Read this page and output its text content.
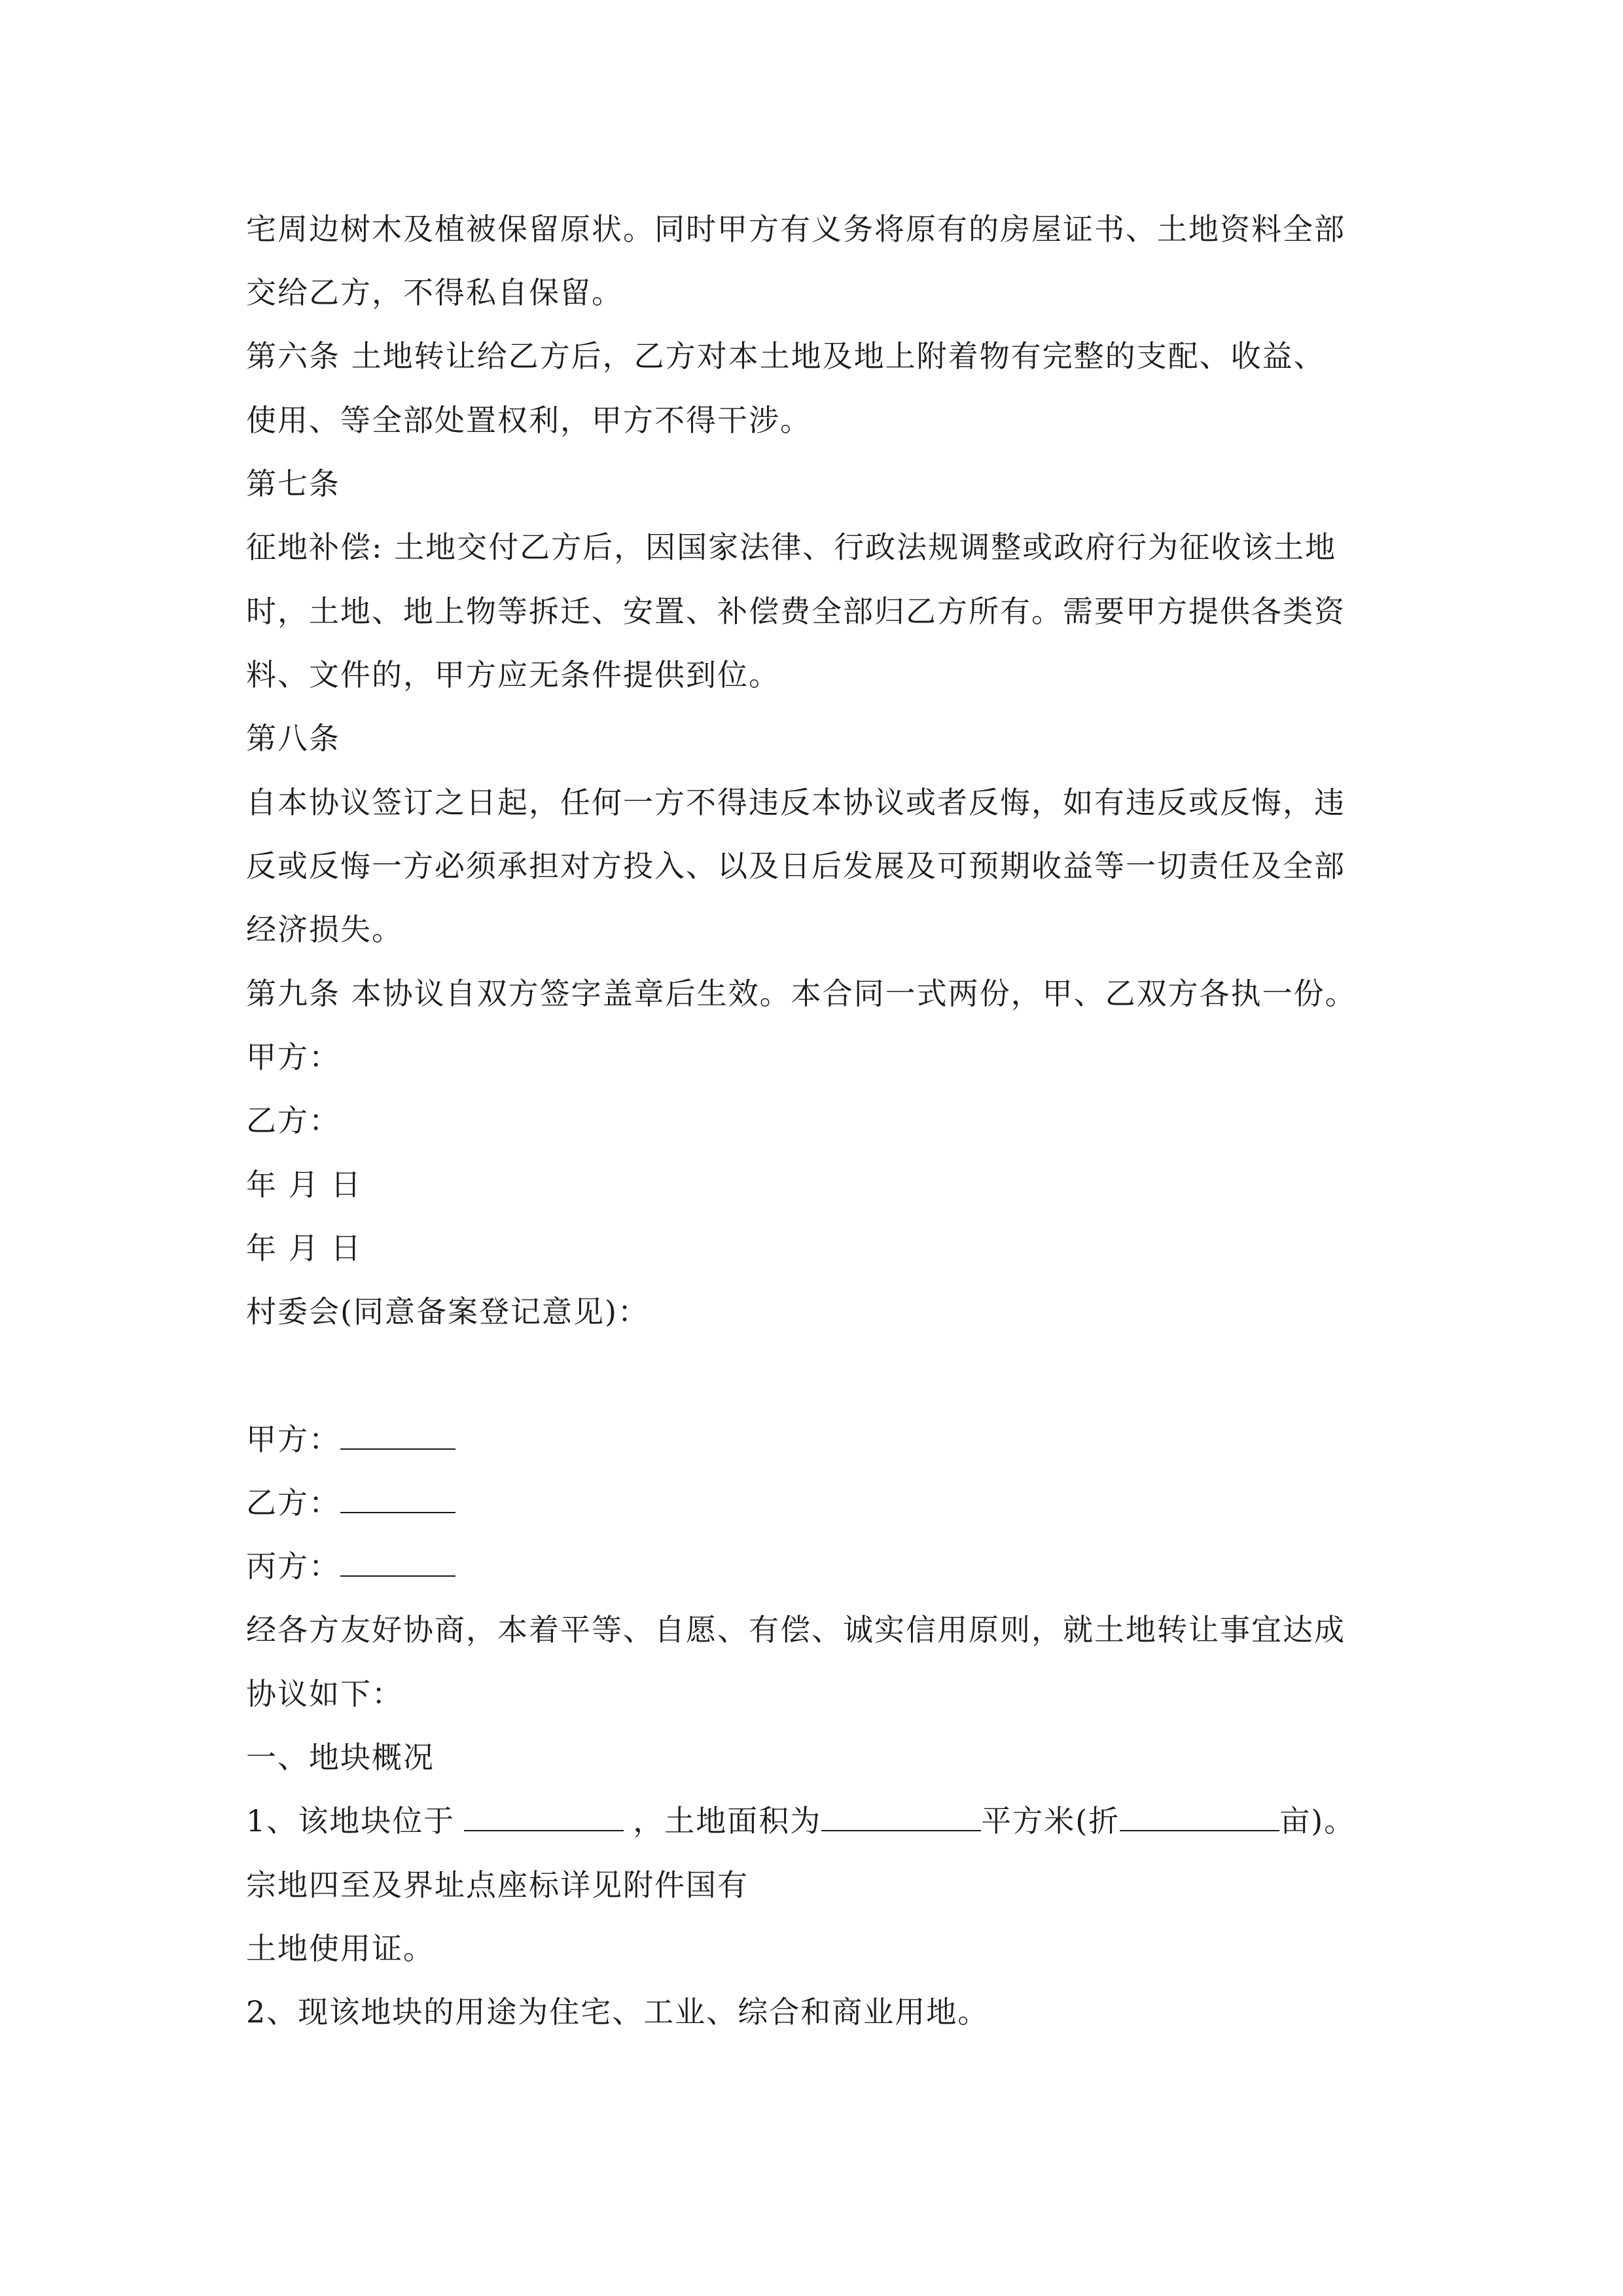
宅周边树木及植被保留原状。同时甲方有义务将原有的房屋证书、土地资料全部
交给乙方，不得私自保留。
第六条 土地转让给乙方后，乙方对本土地及地上附着物有完整的支配、收益、
使用、等全部处置权利，甲方不得干涉。
第七条
征地补偿: 土地交付乙方后，因国家法律、行政法规调整或政府行为征收该土地
时，土地、地上物等拆迁、安置、补偿费全部归乙方所有。需要甲方提供各类资
料、文件的，甲方应无条件提供到位。
第八条
自本协议签订之日起，任何一方不得违反本协议或者反悔，如有违反或反悔，违
反或反悔一方必须承担对方投入、以及日后发展及可预期收益等一切责任及全部
经济损失。
第九条 本协议自双方签字盖章后生效。本合同一式两份，甲、乙双方各执一份。
甲方：
乙方：
年 月 日
年 月 日
村委会(同意备案登记意见)：
甲方：
乙方：
丙方：
经各方友好协商，本着平等、自愿、有偿、诚实信用原则，就土地转让事宜达成
协议如下：
一、地块概况
1、该地块位于	，土地面积为	平方米(折	亩)。
宗地四至及界址点座标详见附件国有
土地使用证。
2、现该地块的用途为住宅、工业、综合和商业用地。
